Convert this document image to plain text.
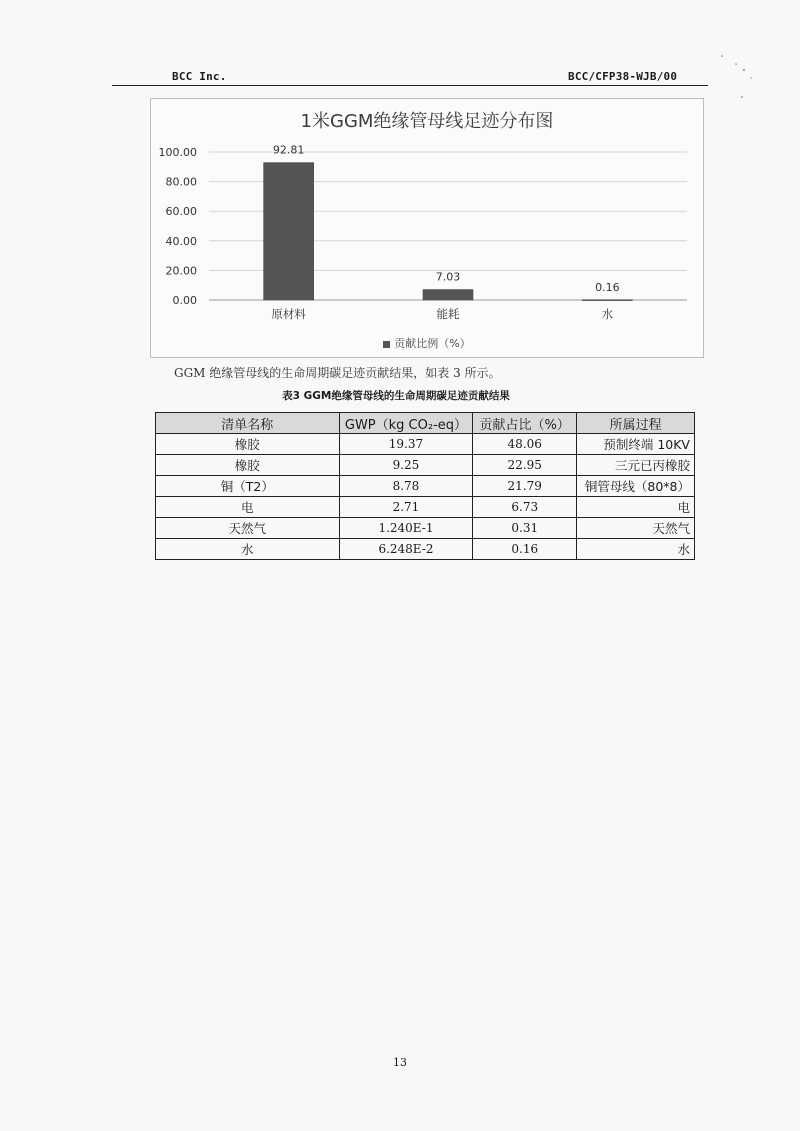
BCC Inc.	BCC/CFP38-WJB/00
1米GGM绝缘管母线足迹分布图
0.00
20.00
40.00
60.00
80.00
100.00	92.81
原材料
7.03
能耗
0.16
水
贡献比例（%）
GGM 绝缘管母线的生命周期碳足迹贡献结果，如表 3 所示。
表3 GGM绝缘管母线的生命周期碳足迹贡献结果
清单名称	GWP（kg CO₂-eq）	贡献占比（%）	所属过程
橡胶	19.37	48.06	预制终端 10KV
橡胶	9.25	22.95	三元已丙橡胶
铜（T2）	8.78	21.79	铜管母线（80*8）
电	2.71	6.73	电
天然气	1.240E-1	0.31	天然气
水	6.248E-2	0.16	水
13
